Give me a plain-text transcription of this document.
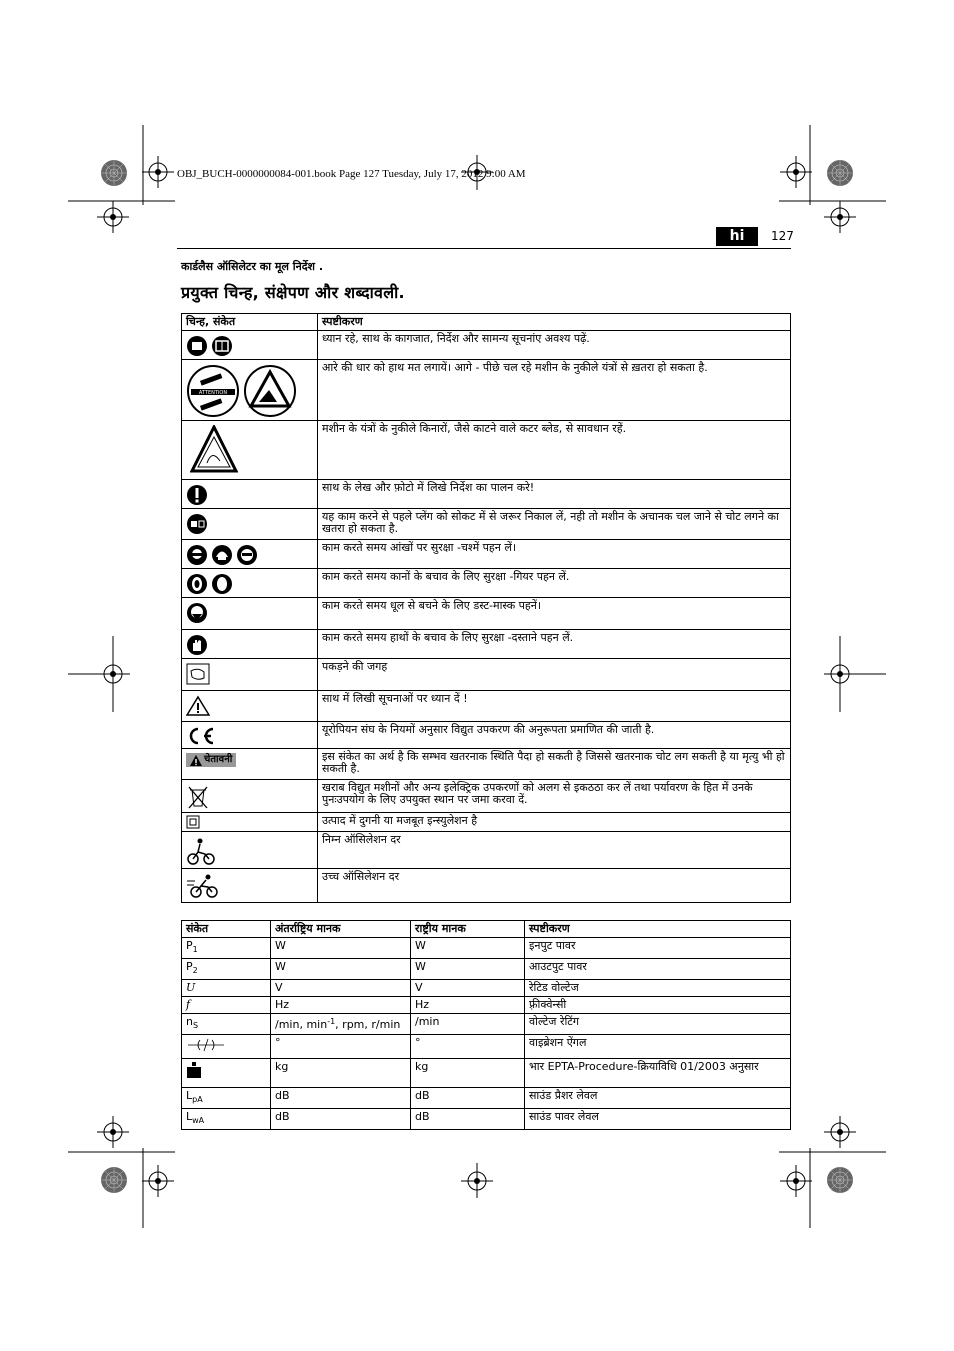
OBJ_BUCH-0000000084-001.book Page 127 Tuesday, July 17, 2012 9:00 AM
hi	127
कार्डलैस ऑसिलेटर का मूल निर्देश .
प्रयुक्त चिन्ह, संक्षेपण और शब्दावली.
चिन्ह, संकेत	स्पष्टीकरण

	ध्यान रहे, साथ के कागजात, निर्देश और सामन्य सूचनांए अवश्य पढ़ें.

ATTENTION	आरे की धार को हाथ मत लगायें। आगे - पीछे चल रहे मशीन के नुकीले यंत्रों से ख़तरा हो सकता है.

	मशीन के यंत्रों के नुकीले किनारों, जैसे काटने वाले कटर ब्लेड, से सावधान रहें.

	साथ के लेख और फ़ोटो में लिखे निर्देश का पालन करे!

	यह काम करने से पहले प्लेंग को सोकट में से जरूर निकाल लें, नही तो मशीन के अचानक चल जाने से चोट लगने का खतरा हो सकता है.

	काम करते समय आंखों पर सुरक्षा -चश्में पहन लें।

	काम करते समय कानों के बचाव के लिए सुरक्षा -गियर पहन लें.

	काम करते समय धूल से बचने के लिए डस्ट-मास्क पहनें।

	काम करते समय हाथों के बचाव के लिए सुरक्षा -दस्ताने पहन लें.

	पकड़ने की जगह

	साथ में लिखी सूचनाओं पर ध्यान दें !

	यूरोपियन संघ के नियमों अनुसार विद्युत उपकरण की अनुरूपता प्रमाणित की जाती है.

चेतावनी	इस संकेत का अर्थ है कि सम्भव खतरनाक स्थिति पैदा हो सकती है जिससे खतरनाक चोट लग सकती है या मृत्यु भी हो सकती है.

	खराब विद्युत मशीनों और अन्य इलेक्ट्रिक उपकरणों को अलग से इकठठा कर लें तथा पर्यावरण के हित में उनके पुनःउपयोग के लिए उपयुक्त स्थान पर जमा करवा दें.

	उत्पाद में दुगनी या मजबूत इन्स्युलेशन है

	निम्न ऑसिलेशन दर

	उच्च ऑसिलेशन दर
संकेत	अंतर्राष्ट्रिय मानक	राष्ट्रीय मानक	स्पष्टीकरण
$P_1$	W	W	इनपुट पावर
$P_2$	W	W	आउटपुट पावर
U	V	V	रेटिड वोल्टेज
f	Hz	Hz	फ़्रीक्वेन्सी
$n_S$	/min, $\min^{-1}$, rpm, r/min	/min	वोल्टेज रेटिंग
	°	°	वाइब्रेशन ऐंगल
	kg	kg	भार EPTA-Procedure-क्रियाविधि 01/2003 अनुसार
$L_{pA}$	dB	dB	साउंड प्रैशर लेवल
$L_{wA}$	dB	dB	साउंड पावर लेवल
